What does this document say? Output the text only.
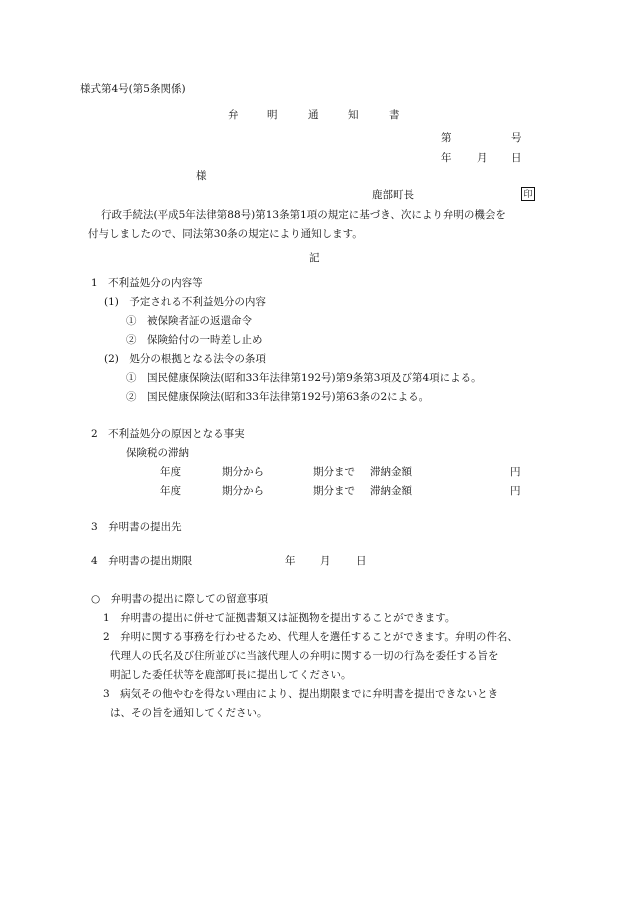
様式第4号(第5条関係)
弁	明	通	知	書
第	号
年 月 日
様
鹿部町長	印
行政手続法(平成5年法律第88号)第13条第1項の規定に基づき、次により弁明の機会を
付与しましたので、同法第30条の規定により通知します。
記
1　不利益処分の内容等
(1)　予定される不利益処分の内容
①　被保険者証の返還命令
②　保険給付の一時差し止め
(2)　処分の根拠となる法令の条項
①　国民健康保険法(昭和33年法律第192号)第9条第3項及び第4項による。
②　国民健康保険法(昭和33年法律第192号)第63条の2による。
2　不利益処分の原因となる事実
保険税の滞納
年度	期分から	期分まで 滞納金額	円
年度	期分から	期分まで 滞納金額	円
3　弁明書の提出先
4　弁明書の提出期限	年 月 日
○　弁明書の提出に際しての留意事項
1　弁明書の提出に併せて証拠書類又は証拠物を提出することができます。
2　弁明に関する事務を行わせるため、代理人を選任することができます。弁明の件名、
代理人の氏名及び住所並びに当該代理人の弁明に関する一切の行為を委任する旨を
明記した委任状等を鹿部町長に提出してください。
3　病気その他やむを得ない理由により、提出期限までに弁明書を提出できないとき
は、その旨を通知してください。
